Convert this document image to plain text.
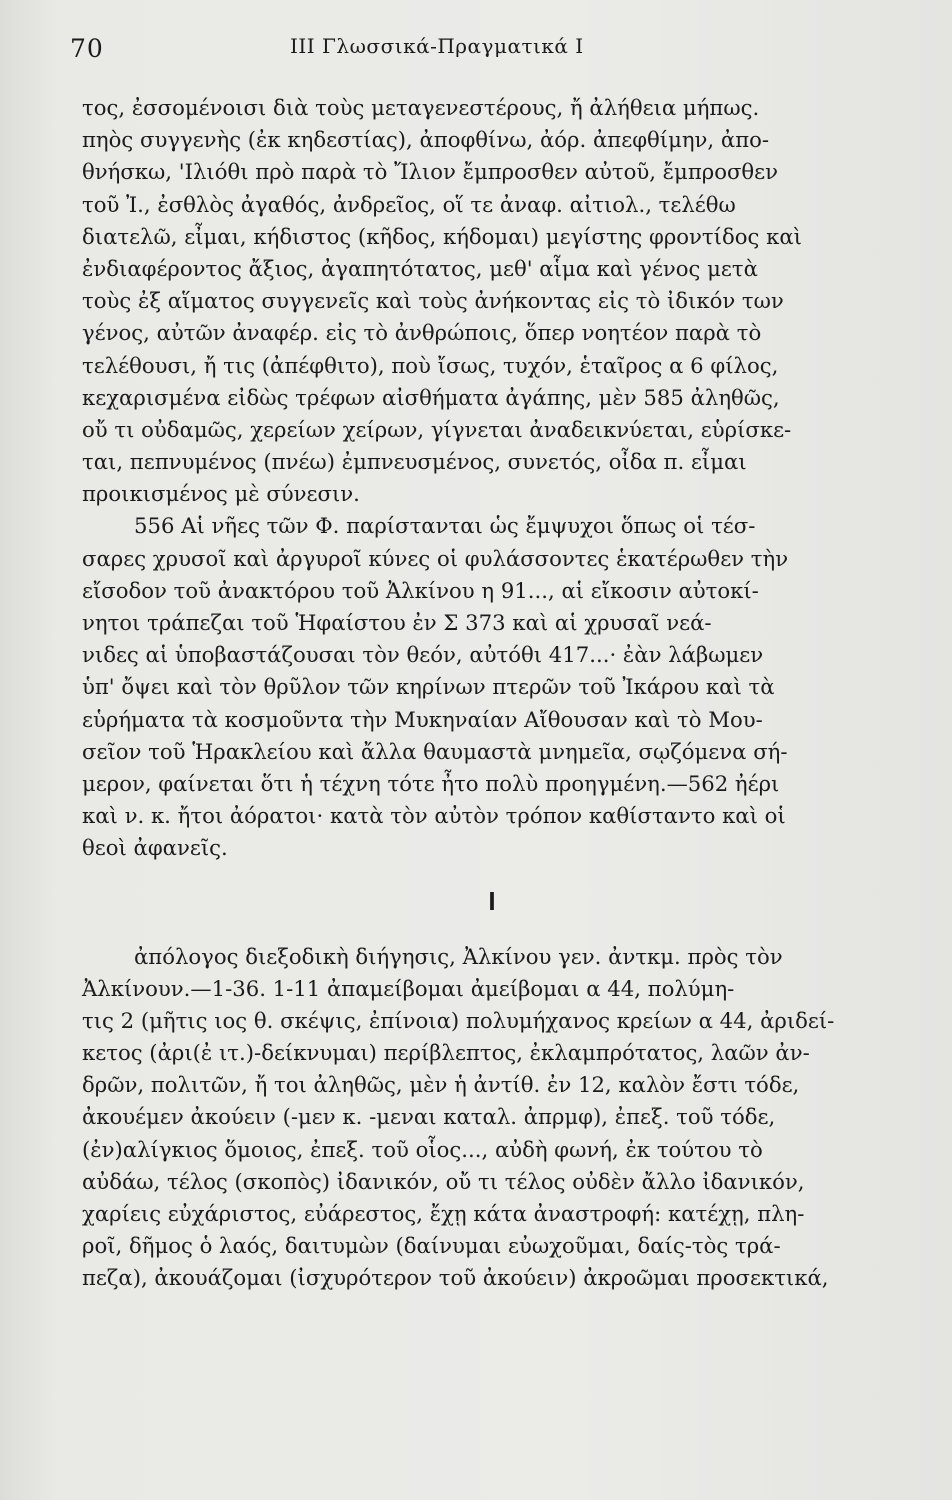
70	ΙΙΙ Γλωσσικά-Πραγματικά Ι
τος, ἐσσομένοισι διὰ τοὺς μεταγενεστέρους, ἤ ἀλήθεια μήπως.
πηὸς συγγενὴς (ἐκ κηδεστίας), ἀποφθίνω, ἀόρ. ἀπεφθίμην, ἀπο-
θνήσκω, 'Ιλιόθι πρὸ παρὰ τὸ Ἴλιον ἔμπροσθεν αὐτοῦ, ἔμπροσθεν
τοῦ Ἰ., ἐσθλὸς ἀγαθός, ἀνδρεῖος, οἵ τε ἀναφ. αἰτιολ., τελέθω
διατελῶ, εἶμαι, κήδιστος (κῆδος, κήδομαι) μεγίστης φροντίδος καὶ
ἐνδιαφέροντος ἄξιος, ἀγαπητότατος, μεθ' αἷμα καὶ γένος μετὰ
τοὺς ἐξ αἵματος συγγενεῖς καὶ τοὺς ἀνήκοντας εἰς τὸ ἰδικόν των
γένος, αὐτῶν ἀναφέρ. εἰς τὸ ἀνθρώποις, ὅπερ νοητέον παρὰ τὸ
τελέθουσι, ἤ τις (ἀπέφθιτο), ποὺ ἴσως, τυχόν, ἑταῖρος α 6 φίλος,
κεχαρισμένα εἰδὼς τρέφων αἰσθήματα ἀγάπης, μὲν 585 ἀληθῶς,
οὔ τι οὐδαμῶς, χερείων χείρων, γίγνεται ἀναδεικνύεται, εὑρίσκε-
ται, πεπνυμένος (πνέω) ἐμπνευσμένος, συνετός, οἶδα π. εἶμαι
προικισμένος μὲ σύνεσιν.
556 Αἱ νῆες τῶν Φ. παρίστανται ὡς ἔμψυχοι ὅπως οἱ τέσ-
σαρες χρυσοῖ καὶ ἀργυροῖ κύνες οἱ φυλάσσοντες ἑκατέρωθεν τὴν
εἴσοδον τοῦ ἀνακτόρου τοῦ Ἀλκίνου η 91..., αἱ εἴκοσιν αὐτοκί-
νητοι τράπεζαι τοῦ Ἡφαίστου ἐν Σ 373 καὶ αἱ χρυσαῖ νεά-
νιδες αἱ ὑποβαστάζουσαι τὸν θεόν, αὐτόθι 417...· ἐὰν λάβωμεν
ὑπ' ὄψει καὶ τὸν θρῦλον τῶν κηρίνων πτερῶν τοῦ Ἰκάρου καὶ τὰ
εὑρήματα τὰ κοσμοῦντα τὴν Μυκηναίαν Αἴθουσαν καὶ τὸ Μου-
σεῖον τοῦ Ἡρακλείου καὶ ἄλλα θαυμαστὰ μνημεῖα, σῳζόμενα σή-
μερον, φαίνεται ὅτι ἡ τέχνη τότε ἦτο πολὺ προηγμένη.—562 ἠέρι
καὶ ν. κ. ἤτοι ἀόρατοι· κατὰ τὸν αὐτὸν τρόπον καθίσταντο καὶ οἱ
θεοὶ ἀφανεῖς.
Ι
ἀπόλογος διεξοδικὴ διήγησις, Ἀλκίνου γεν. ἀντκμ. πρὸς τὸν
Ἀλκίνουν.—1-36. 1-11 ἀπαμείβομαι ἀμείβομαι α 44, πολύμη-
τις 2 (μῆτις ιος θ. σκέψις, ἐπίνοια) πολυμήχανος κρείων α 44, ἀριδεί-
κετος (ἀρι(ἐ ιτ.)-δείκνυμαι) περίβλεπτος, ἐκλαμπρότατος, λαῶν ἀν-
δρῶν, πολιτῶν, ἤ τοι ἀληθῶς, μὲν ἡ ἀντίθ. ἐν 12, καλὸν ἔστι τόδε,
ἀκουέμεν ἀκούειν (-μεν κ. -μεναι καταλ. ἀπρμφ), ἐπεξ. τοῦ τόδε,
(ἐν)αλίγκιος ὅμοιος, ἐπεξ. τοῦ οἷος..., αὐδὴ φωνή, ἐκ τούτου τὸ
αὐδάω, τέλος (σκοπὸς) ἰδανικόν, οὔ τι τέλος οὐδὲν ἄλλο ἰδανικόν,
χαρίεις εὐχάριστος, εὐάρεστος, ἔχῃ κάτα ἀναστροφή: κατέχῃ, πλη-
ροῖ, δῆμος ὁ λαός, δαιτυμὼν (δαίνυμαι εὐωχοῦμαι, δαίς-τὸς τρά-
πεζα), ἀκουάζομαι (ἰσχυρότερον τοῦ ἀκούειν) ἀκροῶμαι προσεκτικά,
